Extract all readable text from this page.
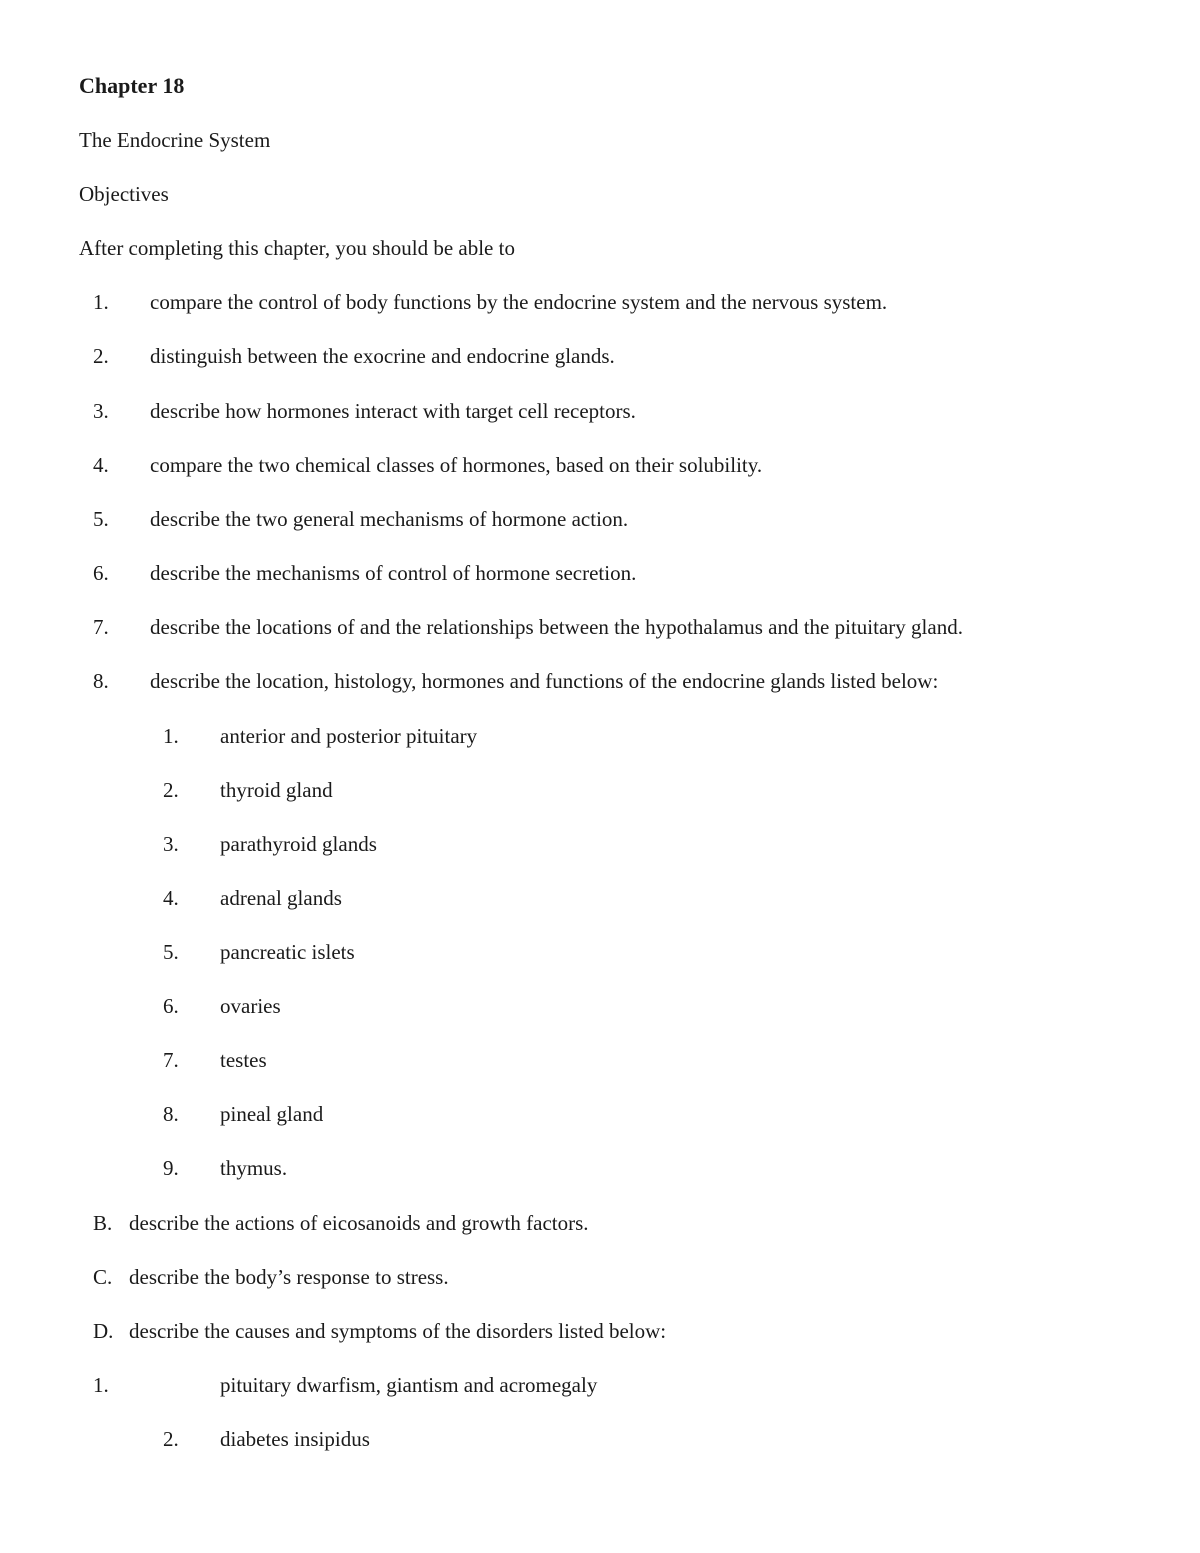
Chapter 18
The Endocrine System
Objectives
After completing this chapter, you should be able to
1. compare the control of body functions by the endocrine system and the nervous system.
2. distinguish between the exocrine and endocrine glands.
3. describe how hormones interact with target cell receptors.
4. compare the two chemical classes of hormones, based on their solubility.
5. describe the two general mechanisms of hormone action.
6. describe the mechanisms of control of hormone secretion.
7. describe the locations of and the relationships between the hypothalamus and the pituitary gland.
8. describe the location, histology, hormones and functions of the endocrine glands listed below:
1. anterior and posterior pituitary
2. thyroid gland
3. parathyroid glands
4. adrenal glands
5. pancreatic islets
6. ovaries
7. testes
8. pineal gland
9. thymus.
B. describe the actions of eicosanoids and growth factors.
C. describe the body’s response to stress.
D. describe the causes and symptoms of the disorders listed below:
1.	pituitary dwarfism, giantism and acromegaly
2. diabetes insipidus
